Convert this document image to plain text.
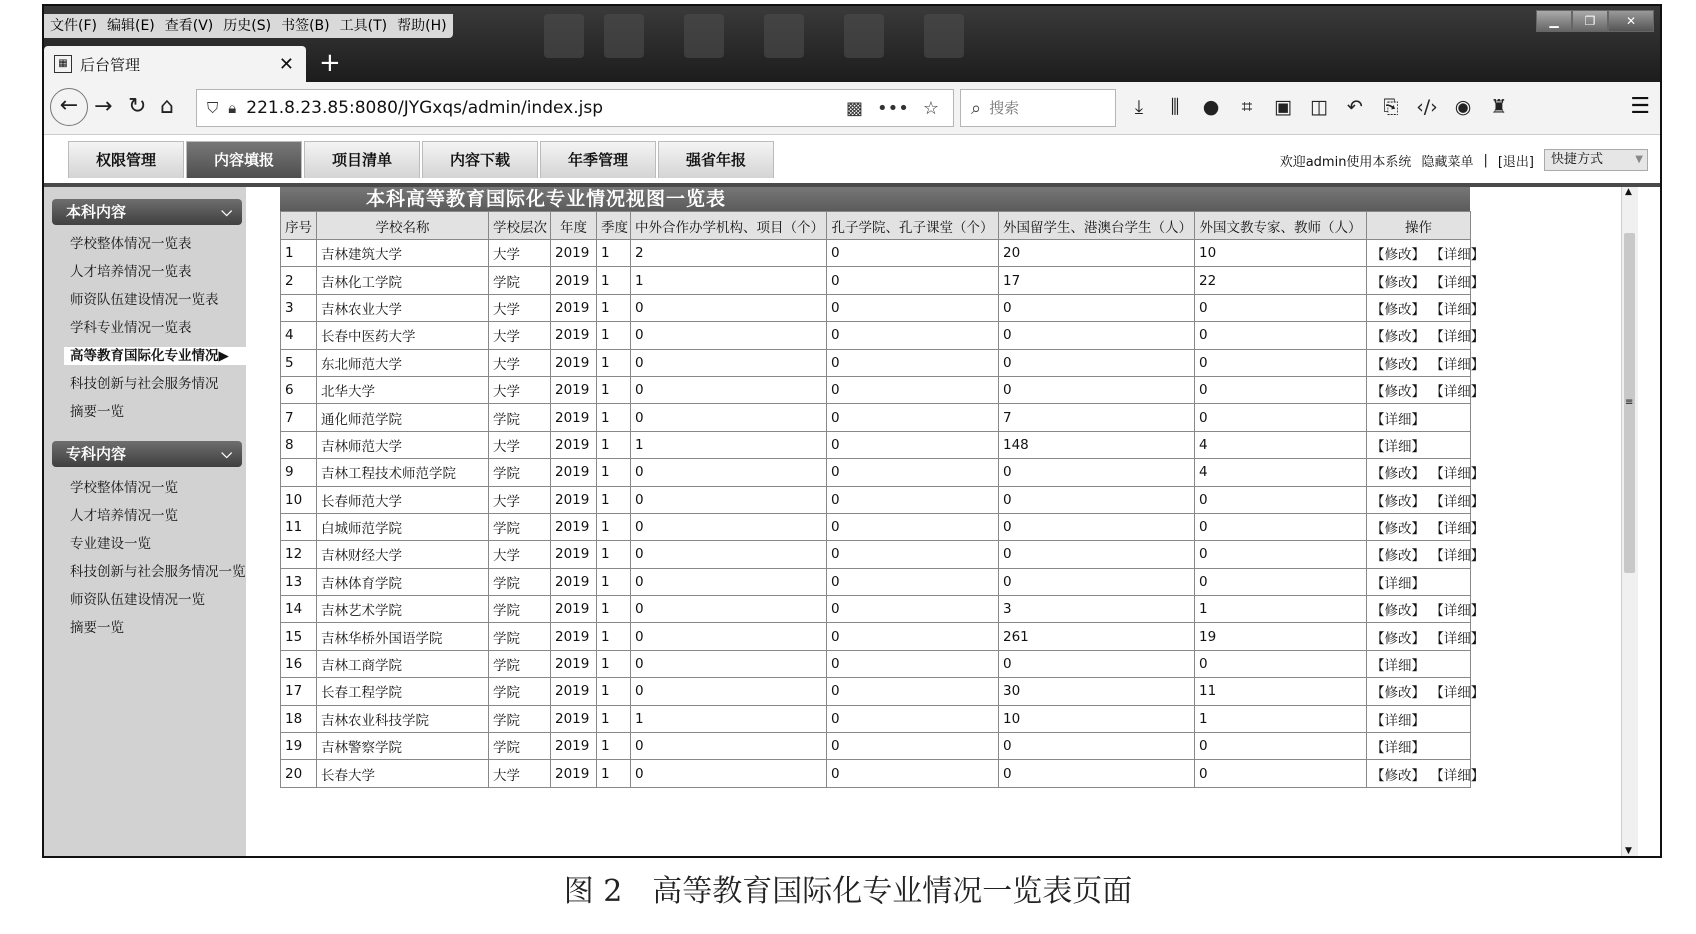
文件(F) 编辑(E) 查看(V) 历史(S) 书签(B) 工具(T) 帮助(H)	▁	❐	✕
▦ 后台管理	✕ +
← → ↻ ⌂ ⛉ 🔒︎ 221.8.23.85:8080/JYGxqs/admin/index.jsp	▩ ••• ☆ ⌕
搜索	⤓	⫼	● ⌗ ▣ ◫ ↶ ⎘ ‹/› ◉ ♜	☰
权限管理	内容填报	项目清单	内容下载	年季管理	强省年报	欢迎admin使用本系统 隐藏菜单 | [退出]	快捷方式 ▼
本科内容	⌵
学校整体情况一览表
人才培养情况一览表
师资队伍建设情况一览表
学科专业情况一览表
高等教育国际化专业情况▶
科技创新与社会服务情况
摘要一览
专科内容	⌵
学校整体情况一览
人才培养情况一览
专业建设一览
科技创新与社会服务情况一览
师资队伍建设情况一览
摘要一览
本科高等教育国际化专业情况视图一览表
序号	学校名称	学校层次	年度	季度	中外合作办学机构、项目（个）	孔子学院、孔子课堂（个）	外国留学生、港澳台学生（人）	外国文教专家、教师（人）	操作
1	吉林建筑大学	大学	2019	1	2	0	20	10	【修改】 【详细】
2	吉林化工学院	学院	2019	1	1	0	17	22	【修改】 【详细】
3	吉林农业大学	大学	2019	1	0	0	0	0	【修改】 【详细】
4	长春中医药大学	大学	2019	1	0	0	0	0	【修改】 【详细】
5	东北师范大学	大学	2019	1	0	0	0	0	【修改】 【详细】
6	北华大学	大学	2019	1	0	0	0	0	【修改】 【详细】
7	通化师范学院	学院	2019	1	0	0	7	0	【详细】
8	吉林师范大学	大学	2019	1	1	0	148	4	【详细】
9	吉林工程技术师范学院	学院	2019	1	0	0	0	4	【修改】 【详细】
10	长春师范大学	大学	2019	1	0	0	0	0	【修改】 【详细】
11	白城师范学院	学院	2019	1	0	0	0	0	【修改】 【详细】
12	吉林财经大学	大学	2019	1	0	0	0	0	【修改】 【详细】
13	吉林体育学院	学院	2019	1	0	0	0	0	【详细】
14	吉林艺术学院	学院	2019	1	0	0	3	1	【修改】 【详细】
15	吉林华桥外国语学院	学院	2019	1	0	0	261	19	【修改】 【详细】
16	吉林工商学院	学院	2019	1	0	0	0	0	【详细】
17	长春工程学院	学院	2019	1	0	0	30	11	【修改】 【详细】
18	吉林农业科技学院	学院	2019	1	1	0	10	1	【详细】
19	吉林警察学院	学院	2019	1	0	0	0	0	【详细】
20	长春大学	大学	2019	1	0	0	0	0	【修改】 【详细】
▲
≡
▼
图 2　高等教育国际化专业情况一览表页面
